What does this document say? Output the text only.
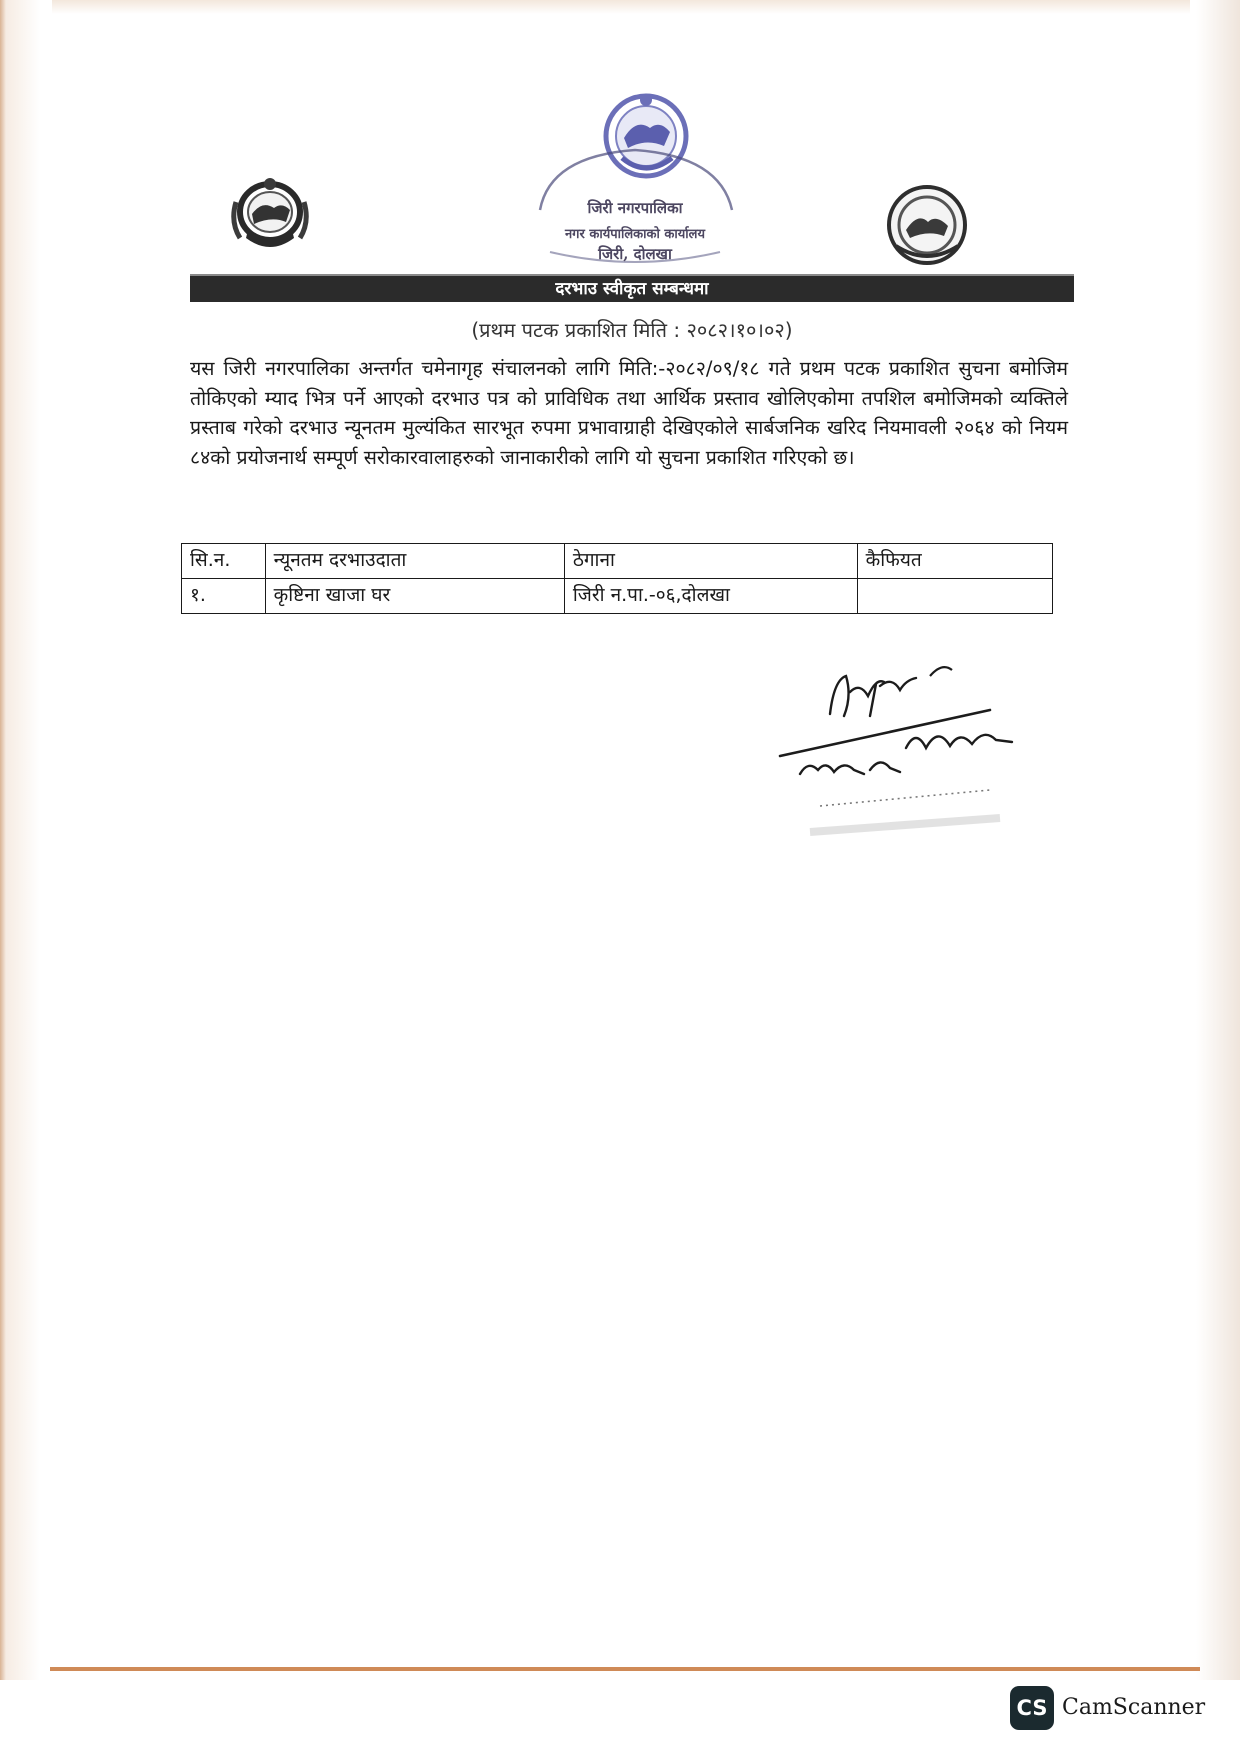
जिरी नगरपालिका
नगर कार्यपालिकाको कार्यालय
जिरी, दोलखा
दरभाउ स्वीकृत सम्बन्धमा
(प्रथम पटक प्रकाशित मिति : २०८२।१०।०२)
यस जिरी नगरपालिका अन्तर्गत चमेनागृह संचालनको लागि मिति:-२०८२/०९/१८ गते प्रथम पटक प्रकाशित सुचना बमोजिम तोकिएको म्याद भित्र पर्ने आएको दरभाउ पत्र को प्राविधिक तथा आर्थिक प्रस्ताव खोलिएकोमा तपशिल बमोजिमको व्यक्तिले प्रस्ताब गरेको दरभाउ न्यूनतम मुल्यंकित सारभूत रुपमा प्रभावाग्राही देखिएकोले सार्बजनिक खरिद नियमावली २०६४ को नियम ८४को प्रयोजनार्थ सम्पूर्ण सरोकारवालाहरुको जानाकारीको लागि यो सुचना प्रकाशित गरिएको छ।
सि.न.	न्यूनतम दरभाउदाता	ठेगाना	कैफियत
१.	कृष्टिना खाजा घर	जिरी न.पा.-०६,दोलखा	
CS CamScanner
